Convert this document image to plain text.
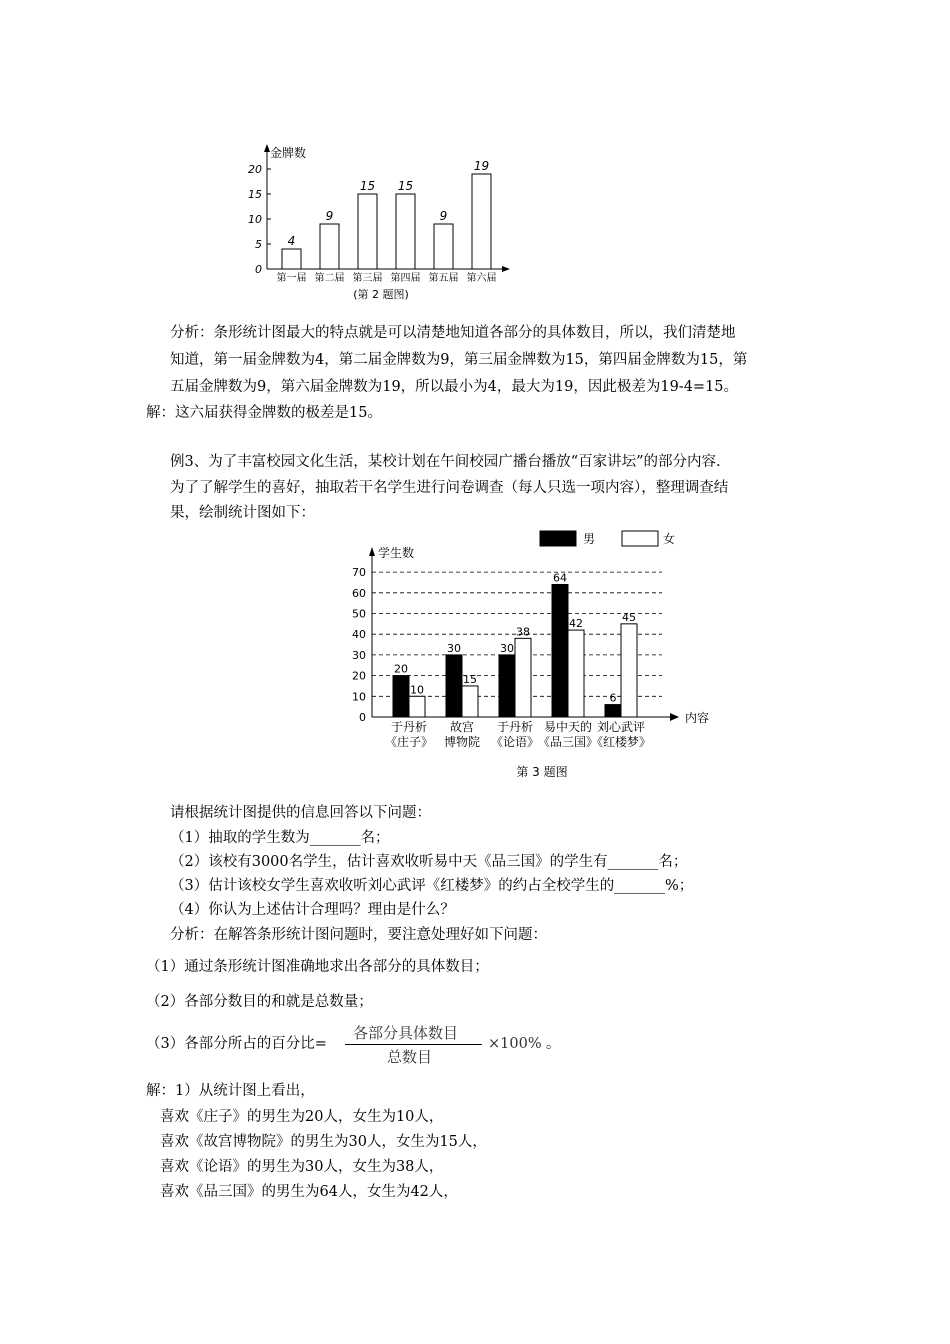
金牌数
0
5
10
15
20
4
第一届
9
第二届
15
第三届
15
第四届
9
第五届
19
第六届
(第 2 题图)
分析：条形统计图最大的特点就是可以清楚地知道各部分的具体数目，所以，我们清楚地
知道，第一届金牌数为4，第二届金牌数为9，第三届金牌数为15，第四届金牌数为15，第
五届金牌数为9，第六届金牌数为19，所以最小为4，最大为19，因此极差为19-4=15。
解：这六届获得金牌数的极差是15。
例3、为了丰富校园文化生活，某校计划在午间校园广播台播放“百家讲坛”的部分内容.
为了了解学生的喜好，抽取若干名学生进行问卷调查（每人只选一项内容），整理调查结
果，绘制统计图如下：
男	女
0
10
20
30
40
50
60
70
学生数
内容
20
10
于丹析
《庄子》
30
15
故宫
博物院
30
38
于丹析
《论语》
64
42
易中天的
《品三国》
6
45
刘心武评
《红楼梦》
第 3 题图
请根据统计图提供的信息回答以下问题：
（1）抽取的学生数为_______名；
（2）该校有3000名学生，估计喜欢收听易中天《品三国》的学生有_______名；
（3）估计该校女学生喜欢收听刘心武评《红楼梦》的约占全校学生的_______%；
（4）你认为上述估计合理吗？理由是什么？
分析：在解答条形统计图问题时，要注意处理好如下问题：
（1）通过条形统计图准确地求出各部分的具体数目；
（2）各部分数目的和就是总数量；
（3）各部分所占的百分比=
各部分具体数目
总数目
×100% 。
解：1）从统计图上看出，
喜欢《庄子》的男生为20人，女生为10人，
喜欢《故宫博物院》的男生为30人，女生为15人，
喜欢《论语》的男生为30人，女生为38人，
喜欢《品三国》的男生为64人，女生为42人，
